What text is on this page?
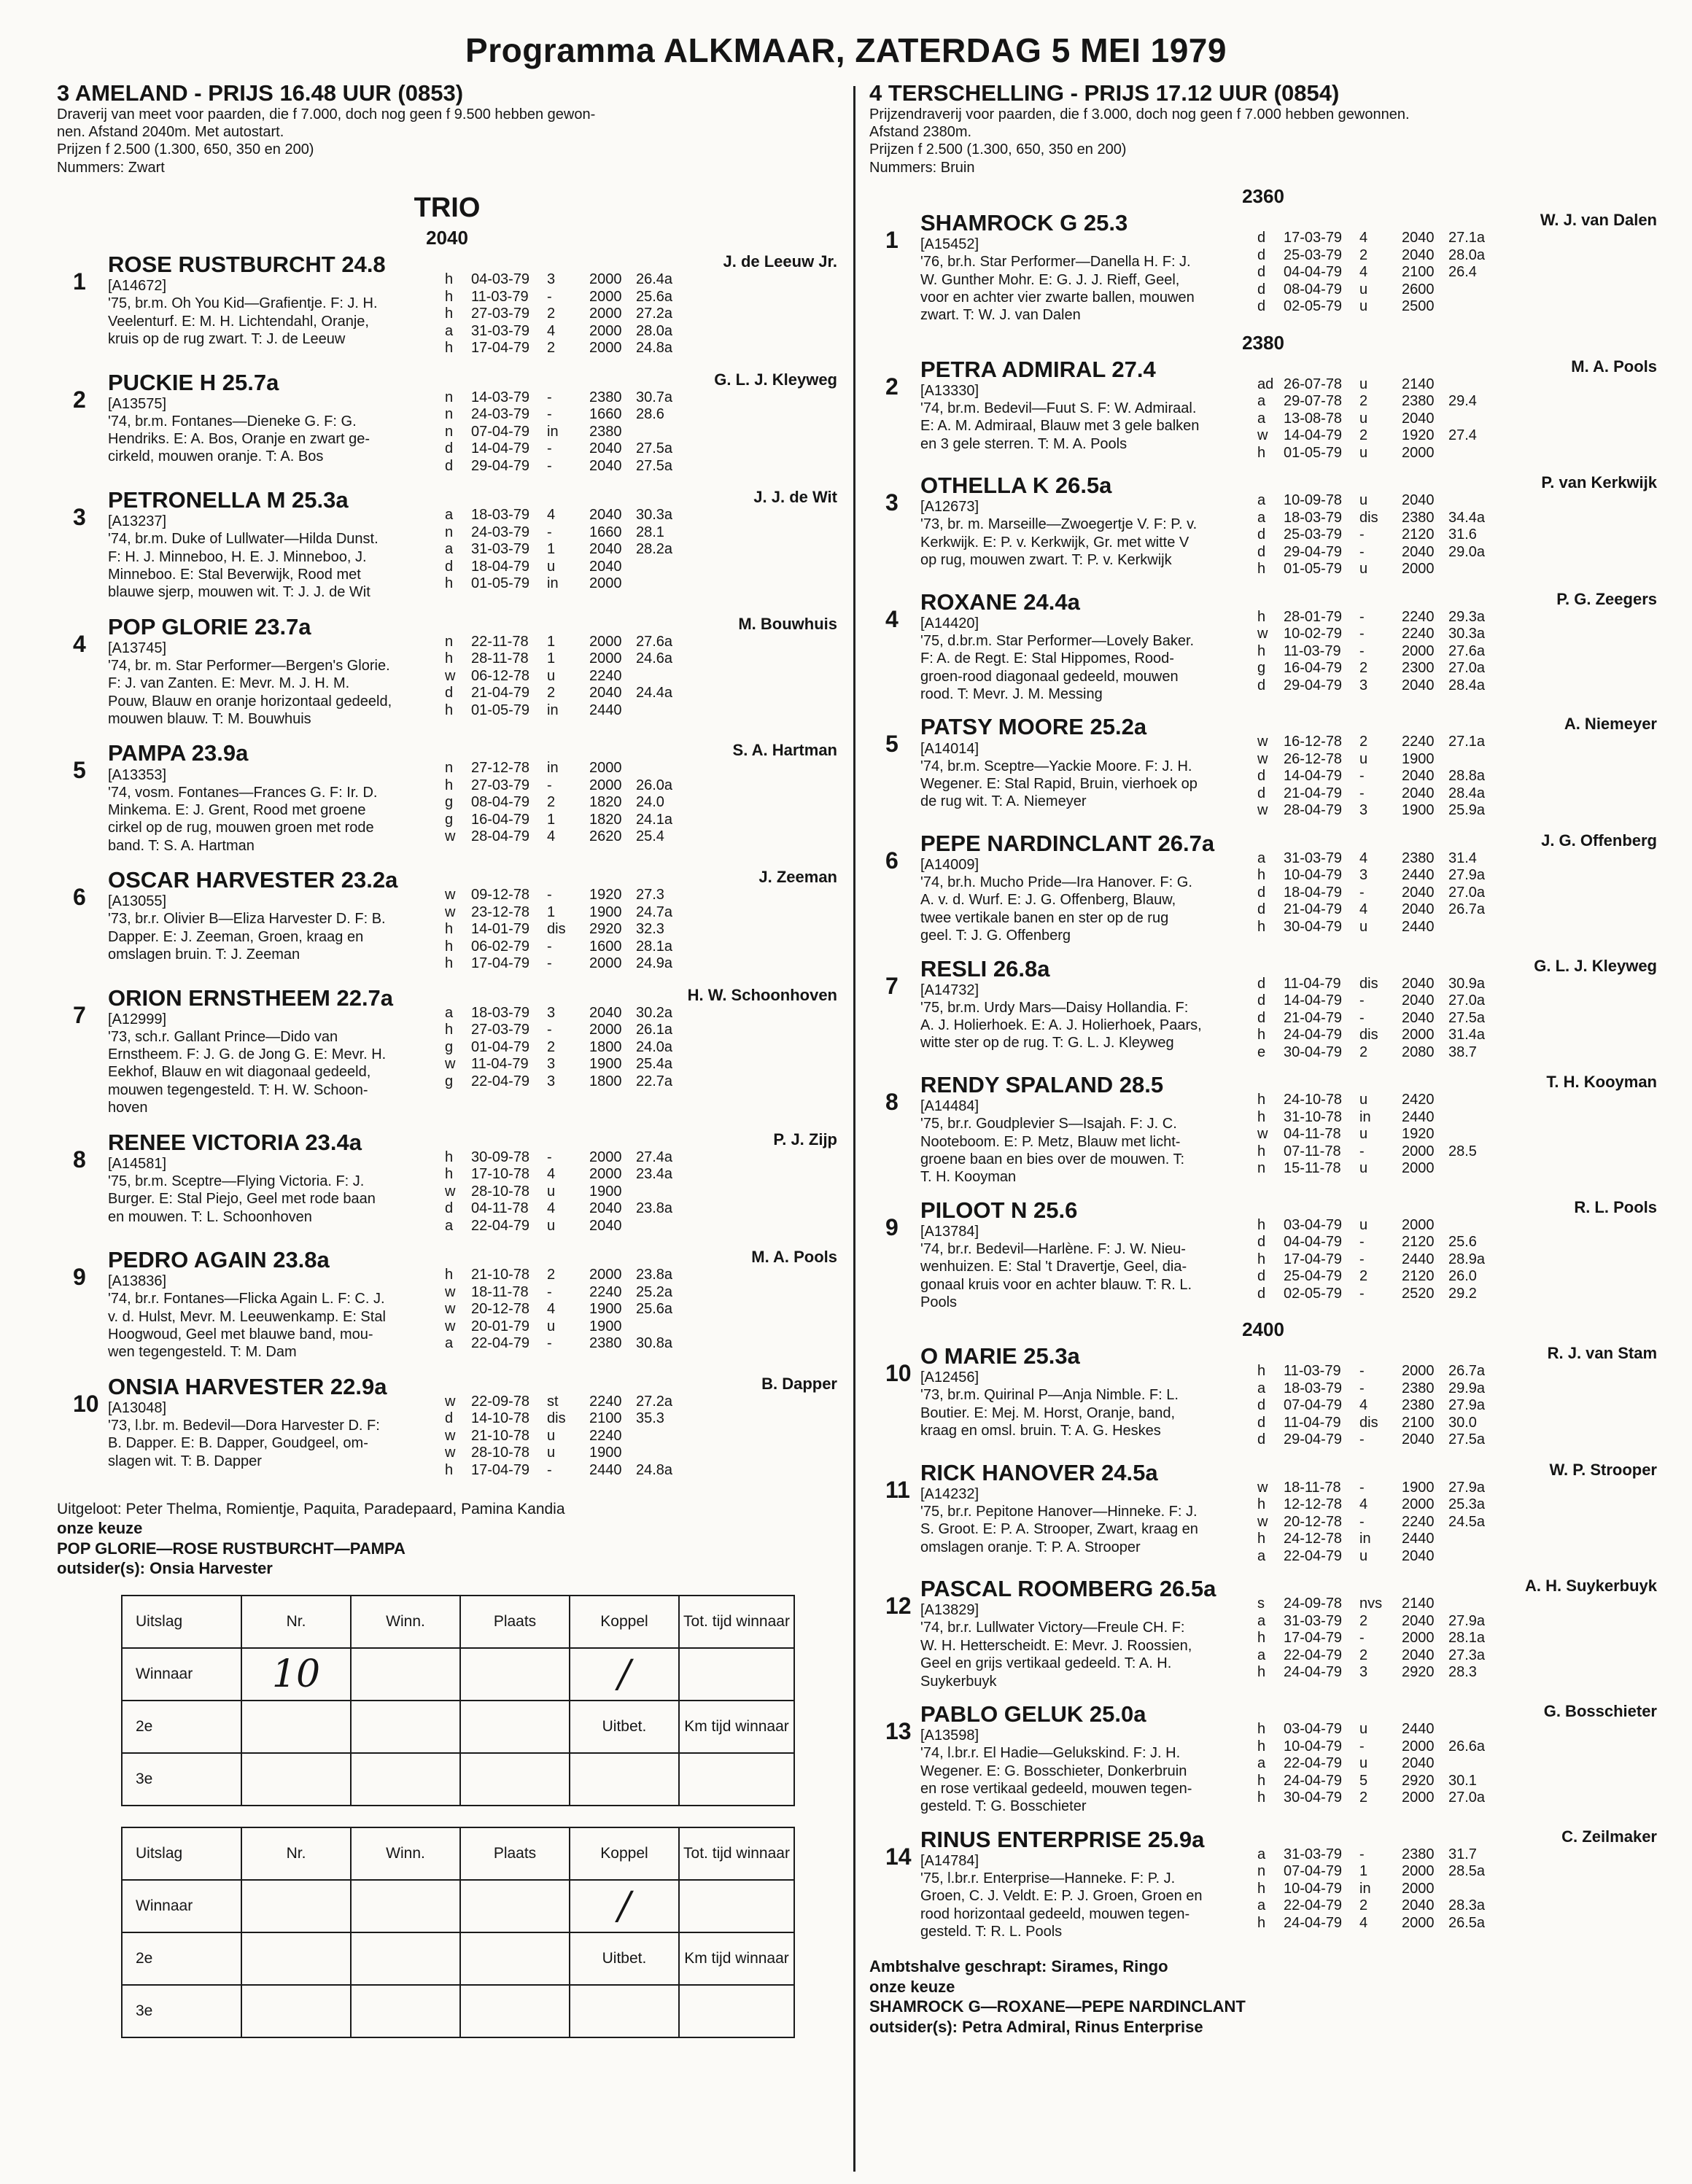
Programma ALKMAAR, ZATERDAG 5 MEI 1979
3 AMELAND - PRIJS 16.48 UUR (0853)
Draverij van meet voor paarden, die f 7.000, doch nog geen f 9.500 hebben gewon-
nen. Afstand 2040m. Met autostart.
Prijzen f 2.500 (1.300, 650, 350 en 200)
Nummers: Zwart
TRIO
2040
1
ROSE RUSTBURCHT 24.8
[A14672]
'75, br.m. Oh You Kid—Grafientje. F: J. H.
Veelenturf. E: M. H. Lichtendahl, Oranje,
kruis op de rug zwart. T: J. de Leeuw
J. de Leeuw Jr.
h	04-03-79	3	2000 26.4a
h	11-03-79	-	2000 25.6a
h	27-03-79	2	2000 27.2a
a	31-03-79	4	2000 28.0a
h	17-04-79	2	2000 24.8a
2
PUCKIE H 25.7a
[A13575]
'74, br.m. Fontanes—Dieneke G. F: G.
Hendriks. E: A. Bos, Oranje en zwart ge-
cirkeld, mouwen oranje. T: A. Bos
G. L. J. Kleyweg
n	14-03-79	-	2380 30.7a
n	24-03-79	-	1660 28.6
n	07-04-79	in	2380
d	14-04-79	-	2040 27.5a
d	29-04-79	-	2040 27.5a
3
PETRONELLA M 25.3a
[A13237]
'74, br.m. Duke of Lullwater—Hilda Dunst.
F: H. J. Minneboo, H. E. J. Minneboo, J.
Minneboo. E: Stal Beverwijk, Rood met
blauwe sjerp, mouwen wit. T: J. J. de Wit
J. J. de Wit
a	18-03-79	4	2040 30.3a
n	24-03-79	-	1660 28.1
a	31-03-79	1	2040 28.2a
d	18-04-79	u	2040
h	01-05-79	in	2000
4
POP GLORIE 23.7a
[A13745]
'74, br. m. Star Performer—Bergen's Glorie.
F: J. van Zanten. E: Mevr. M. J. H. M.
Pouw, Blauw en oranje horizontaal gedeeld,
mouwen blauw. T: M. Bouwhuis
M. Bouwhuis
n	22-11-78	1	2000 27.6a
h	28-11-78	1	2000 24.6a
w	06-12-78	u	2240
d	21-04-79	2	2040 24.4a
h	01-05-79	in	2440
5
PAMPA 23.9a
[A13353]
'74, vosm. Fontanes—Frances G. F: Ir. D.
Minkema. E: J. Grent, Rood met groene
cirkel op de rug, mouwen groen met rode
band. T: S. A. Hartman
S. A. Hartman
n	27-12-78	in	2000
h	27-03-79	-	2000 26.0a
g	08-04-79	2	1820 24.0
g	16-04-79	1	1820 24.1a
w	28-04-79	4	2620 25.4
6
OSCAR HARVESTER 23.2a
[A13055]
'73, br.r. Olivier B—Eliza Harvester D. F: B.
Dapper. E: J. Zeeman, Groen, kraag en
omslagen bruin. T: J. Zeeman
J. Zeeman
w	09-12-78	-	1920 27.3
w	23-12-78	1	1900 24.7a
h	14-01-79	dis	2920 32.3
h	06-02-79	-	1600 28.1a
h	17-04-79	-	2000 24.9a
7
ORION ERNSTHEEM 22.7a
[A12999]
'73, sch.r. Gallant Prince—Dido van
Ernstheem. F: J. G. de Jong G. E: Mevr. H.
Eekhof, Blauw en wit diagonaal gedeeld,
mouwen tegengesteld. T: H. W. Schoon-
hoven
H. W. Schoonhoven
a	18-03-79	3	2040 30.2a
h	27-03-79	-	2000 26.1a
g	01-04-79	2	1800 24.0a
w	11-04-79	3	1900 25.4a
g	22-04-79	3	1800 22.7a
8
RENEE VICTORIA 23.4a
[A14581]
'75, br.m. Sceptre—Flying Victoria. F: J.
Burger. E: Stal Piejo, Geel met rode baan
en mouwen. T: L. Schoonhoven
P. J. Zijp
h	30-09-78	-	2000 27.4a
h	17-10-78	4	2000 23.4a
w	28-10-78	u	1900
d	04-11-78	4	2040 23.8a
a	22-04-79	u	2040
9
PEDRO AGAIN 23.8a
[A13836]
'74, br.r. Fontanes—Flicka Again L. F: C. J.
v. d. Hulst, Mevr. M. Leeuwenkamp. E: Stal
Hoogwoud, Geel met blauwe band, mou-
wen tegengesteld. T: M. Dam
M. A. Pools
h	21-10-78	2	2000 23.8a
w	18-11-78	-	2240 25.2a
w	20-12-78	4	1900 25.6a
w	20-01-79	u	1900
a	22-04-79	-	2380 30.8a
10
ONSIA HARVESTER 22.9a
[A13048]
'73, l.br. m. Bedevil—Dora Harvester D. F:
B. Dapper. E: B. Dapper, Goudgeel, om-
slagen wit. T: B. Dapper
B. Dapper
w	22-09-78	st	2240 27.2a
d	14-10-78	dis	2100 35.3
w	21-10-78	u	2240
w	28-10-78	u	1900
h	17-04-79	-	2440 24.8a
Uitgeloot: Peter Thelma, Romientje, Paquita, Paradepaard, Pamina Kandia
onze keuze
POP GLORIE—ROSE RUSTBURCHT—PAMPA
outsider(s): Onsia Harvester
Uitslag	Nr.	Winn.	Plaats	Koppel	Tot. tijd winnaar
Winnaar	10			/	
2e				Uitbet.	Km tijd winnaar
3e					
Uitslag	Nr.	Winn.	Plaats	Koppel	Tot. tijd winnaar
Winnaar				/	
2e				Uitbet.	Km tijd winnaar
3e					
4 TERSCHELLING - PRIJS 17.12 UUR (0854)
Prijzendraverij voor paarden, die f 3.000, doch nog geen f 7.000 hebben gewonnen.
Afstand 2380m.
Prijzen f 2.500 (1.300, 650, 350 en 200)
Nummers: Bruin
2360
1
SHAMROCK G 25.3
[A15452]
'76, br.h. Star Performer—Danella H. F: J.
W. Gunther Mohr. E: G. J. J. Rieff, Geel,
voor en achter vier zwarte ballen, mouwen
zwart. T: W. J. van Dalen
W. J. van Dalen
d	17-03-79	4	2040 27.1a
d	25-03-79	2	2040 28.0a
d	04-04-79	4	2100 26.4
d	08-04-79	u	2600
d	02-05-79	u	2500
2380
2
PETRA ADMIRAL 27.4
[A13330]
'74, br.m. Bedevil—Fuut S. F: W. Admiraal.
E: A. M. Admiraal, Blauw met 3 gele balken
en 3 gele sterren. T: M. A. Pools
M. A. Pools
ad 26-07-78	u	2140
a	29-07-78	2	2380 29.4
a	13-08-78	u	2040
w	14-04-79	2	1920 27.4
h	01-05-79	u	2000
3
OTHELLA K 26.5a
[A12673]
'73, br. m. Marseille—Zwoegertje V. F: P. v.
Kerkwijk. E: P. v. Kerkwijk, Gr. met witte V
op rug, mouwen zwart. T: P. v. Kerkwijk
P. van Kerkwijk
a	10-09-78	u	2040
a	18-03-79	dis	2380 34.4a
d	25-03-79	-	2120 31.6
d	29-04-79	-	2040 29.0a
h	01-05-79	u	2000
4
ROXANE 24.4a
[A14420]
'75, d.br.m. Star Performer—Lovely Baker.
F: A. de Regt. E: Stal Hippomes, Rood-
groen-rood diagonaal gedeeld, mouwen
rood. T: Mevr. J. M. Messing
P. G. Zeegers
h	28-01-79	-	2240 29.3a
w	10-02-79	-	2240 30.3a
h	11-03-79	-	2000 27.6a
g	16-04-79	2	2300 27.0a
d	29-04-79	3	2040 28.4a
5
PATSY MOORE 25.2a
[A14014]
'74, br.m. Sceptre—Yackie Moore. F: J. H.
Wegener. E: Stal Rapid, Bruin, vierhoek op
de rug wit. T: A. Niemeyer
A. Niemeyer
w	16-12-78	2	2240 27.1a
w	26-12-78	u	1900
d	14-04-79	-	2040 28.8a
d	21-04-79	-	2040 28.4a
w	28-04-79	3	1900 25.9a
6
PEPE NARDINCLANT 26.7a
[A14009]
'74, br.h. Mucho Pride—Ira Hanover. F: G.
A. v. d. Wurf. E: J. G. Offenberg, Blauw,
twee vertikale banen en ster op de rug
geel. T: J. G. Offenberg
J. G. Offenberg
a	31-03-79	4	2380 31.4
h	10-04-79	3	2440 27.9a
d	18-04-79	-	2040 27.0a
d	21-04-79	4	2040 26.7a
h	30-04-79	u	2440
7
RESLI 26.8a
[A14732]
'75, br.m. Urdy Mars—Daisy Hollandia. F:
A. J. Holierhoek. E: A. J. Holierhoek, Paars,
witte ster op de rug. T: G. L. J. Kleyweg
G. L. J. Kleyweg
d	11-04-79	dis	2040 30.9a
d	14-04-79	-	2040 27.0a
d	21-04-79	-	2040 27.5a
h	24-04-79	dis	2000 31.4a
e	30-04-79	2	2080 38.7
8
RENDY SPALAND 28.5
[A14484]
'75, br.r. Goudplevier S—Isajah. F: J. C.
Nooteboom. E: P. Metz, Blauw met licht-
groene baan en bies over de mouwen. T:
T. H. Kooyman
T. H. Kooyman
h	24-10-78	u	2420
h	31-10-78	in	2440
w	04-11-78	u	1920
h	07-11-78	-	2000 28.5
n	15-11-78	u	2000
9
PILOOT N 25.6
[A13784]
'74, br.r. Bedevil—Harlène. F: J. W. Nieu-
wenhuizen. E: Stal 't Dravertje, Geel, dia-
gonaal kruis voor en achter blauw. T: R. L.
Pools
R. L. Pools
h	03-04-79	u	2000
d	04-04-79	-	2120 25.6
h	17-04-79	-	2440 28.9a
d	25-04-79	2	2120 26.0
d	02-05-79	-	2520 29.2
2400
10
O MARIE 25.3a
[A12456]
'73, br.m. Quirinal P—Anja Nimble. F: L.
Boutier. E: Mej. M. Horst, Oranje, band,
kraag en omsl. bruin. T: A. G. Heskes
R. J. van Stam
h	11-03-79	-	2000 26.7a
a	18-03-79	-	2380 29.9a
d	07-04-79	4	2380 27.9a
d	11-04-79	dis	2100 30.0
d	29-04-79	-	2040 27.5a
11
RICK HANOVER 24.5a
[A14232]
'75, br.r. Pepitone Hanover—Hinneke. F: J.
S. Groot. E: P. A. Strooper, Zwart, kraag en
omslagen oranje. T: P. A. Strooper
W. P. Strooper
w	18-11-78	-	1900 27.9a
h	12-12-78	4	2000 25.3a
w	20-12-78	-	2240 24.5a
h	24-12-78	in	2440
a	22-04-79	u	2040
12
PASCAL ROOMBERG 26.5a
[A13829]
'74, br.r. Lullwater Victory—Freule CH. F:
W. H. Hetterscheidt. E: Mevr. J. Roossien,
Geel en grijs vertikaal gedeeld. T: A. H.
Suykerbuyk
A. H. Suykerbuyk
s	24-09-78	nvs	2140
a	31-03-79	2	2040 27.9a
h	17-04-79	-	2000 28.1a
a	22-04-79	2	2040 27.3a
h	24-04-79	3	2920 28.3
13
PABLO GELUK 25.0a
[A13598]
'74, l.br.r. El Hadie—Gelukskind. F: J. H.
Wegener. E: G. Bosschieter, Donkerbruin
en rose vertikaal gedeeld, mouwen tegen-
gesteld. T: G. Bosschieter
G. Bosschieter
h	03-04-79	u	2440
h	10-04-79	-	2000 26.6a
a	22-04-79	u	2040
h	24-04-79	5	2920 30.1
h	30-04-79	2	2000 27.0a
14
RINUS ENTERPRISE 25.9a
[A14784]
'75, l.br.r. Enterprise—Hanneke. F: P. J.
Groen, C. J. Veldt. E: P. J. Groen, Groen en
rood horizontaal gedeeld, mouwen tegen-
gesteld. T: R. L. Pools
C. Zeilmaker
a	31-03-79	-	2380 31.7
n	07-04-79	1	2000 28.5a
h	10-04-79	in	2000
a	22-04-79	2	2040 28.3a
h	24-04-79	4	2000 26.5a
Ambtshalve geschrapt: Sirames, Ringo
onze keuze
SHAMROCK G—ROXANE—PEPE NARDINCLANT
outsider(s): Petra Admiral, Rinus Enterprise
